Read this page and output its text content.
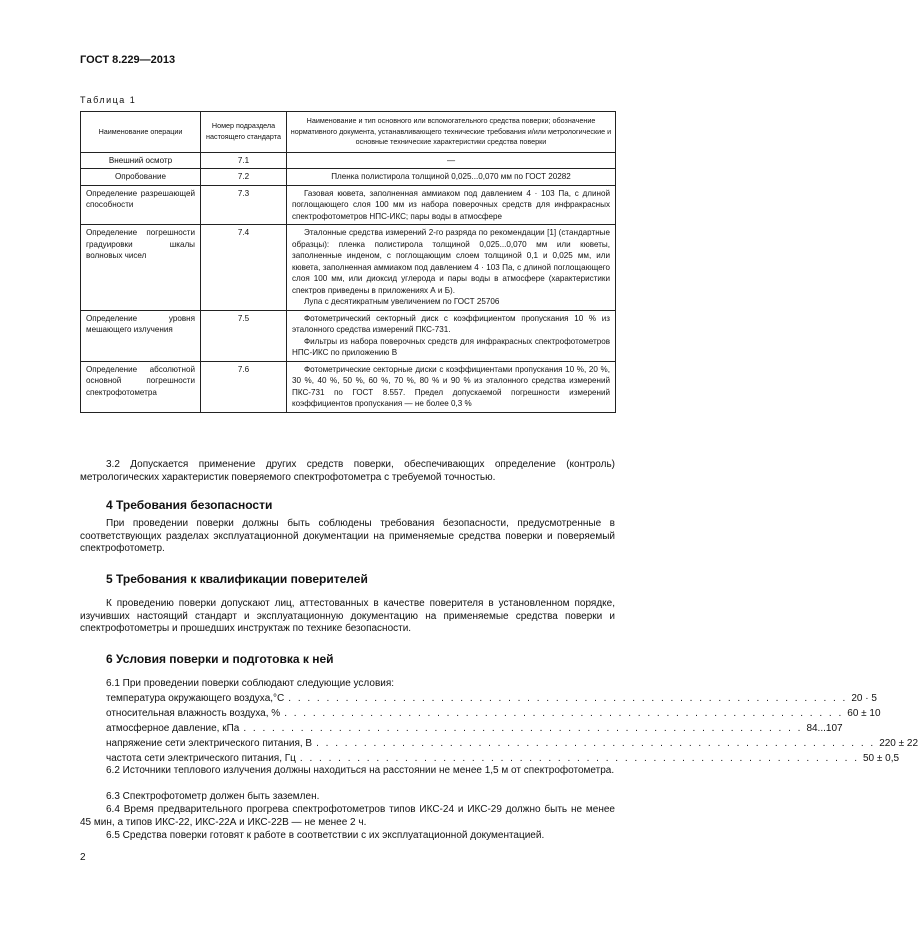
ГОСТ 8.229—2013
Таблица 1
Наименование операции	Номер подраздела настоящего стандарта	Наименование и тип основного или вспомогательного средства поверки; обозначение нормативного документа, устанавливающего технические требования и/или метрологические и основные технические характеристики средства поверки
Внешний осмотр	7.1	—
Опробование	7.2	Пленка полистирола толщиной 0,025...0,070 мм по ГОСТ 20282
Определение разрешающей способности	7.3	Газовая кювета, заполненная аммиаком под давлением 4 · 103 Па, с длиной поглощающего слоя 100 мм из набора поверочных средств для инфракрасных спектрофотометров НПС-ИКС; пары воды в атмосфере
Определение погрешности градуировки шкалы волновых чисел	7.4	Эталонные средства измерений 2-го разряда по рекомендации [1] (стандартные образцы): пленка полистирола толщиной 0,025...0,070 мм или кюветы, заполненные инденом, с поглощающим слоем толщиной 0,1 и 0,025 мм, или кювета, заполненная аммиаком под давлением 4 · 103 Па, с длиной поглощающего слоя 100 мм, или диоксид углерода и пары воды в атмосфере (характеристики спектров приведены в приложениях А и Б).
Лупа с десятикратным увеличением по ГОСТ 25706

Определение уровня мешающего излучения	7.5	Фотометрический секторный диск с коэффициентом пропускания 10 % из эталонного средства измерений ПКС-731.
Фильтры из набора поверочных средств для инфракрасных спектрофотометров НПС-ИКС по приложению В

Определение абсолютной основной погрешности спектрофотометра	7.6	Фотометрические секторные диски с коэффициентами пропускания 10 %, 20 %, 30 %, 40 %, 50 %, 60 %, 70 %, 80 % и 90 % из эталонного средства измерений ПКС-731 по ГОСТ 8.557. Предел допускаемой погрешности измерений коэффициентов пропускания — не более 0,3 %
3.2 Допускается применение других средств поверки, обеспечивающих определение (контроль) метрологических характеристик поверяемого спектрофотометра с требуемой точностью.
4 Требования безопасности
При проведении поверки должны быть соблюдены требования безопасности, предусмотренные в соответствующих разделах эксплуатационной документации на применяемые средства поверки и поверяемый спектрофотометр.
5 Требования к квалификации поверителей
К проведению поверки допускают лиц, аттестованных в качестве поверителя в установленном порядке, изучивших настоящий стандарт и эксплуатационную документацию на применяемые средства поверки и спектрофотометры и прошедших инструктаж по технике безопасности.
6 Условия поверки и подготовка к ней
6.1 При проведении поверки соблюдают следующие условия:
температура окружающего воздуха,°С . . . . . . . . . . . . . . . . . . . . . . . . . . . . . . . . . . . . . . . . . . . . . . . . . . . . . . . . . . . 20 · 5
относительная влажность воздуха, % . . . . . . . . . . . . . . . . . . . . . . . . . . . . . . . . . . . . . . . . . . . . . . . . . . . . . . . . . . . 60 ± 10
атмосферное давление, кПа . . . . . . . . . . . . . . . . . . . . . . . . . . . . . . . . . . . . . . . . . . . . . . . . . . . . . . . . . . . 84...107
напряжение сети электрического питания, В . . . . . . . . . . . . . . . . . . . . . . . . . . . . . . . . . . . . . . . . . . . . . . . . . . . . . . . . . . . 220 ± 22
частота сети электрического питания, Гц . . . . . . . . . . . . . . . . . . . . . . . . . . . . . . . . . . . . . . . . . . . . . . . . . . . . . . . . . . . 50 ± 0,5
6.2 Источники теплового излучения должны находиться на расстоянии не менее 1,5 м от спектрофотометра.
6.3 Спектрофотометр должен быть заземлен.
6.4 Время предварительного прогрева спектрофотометров типов ИКС-24 и ИКС-29 должно быть не менее 45 мин, а типов ИКС-22, ИКС-22А и ИКС-22В — не менее 2 ч.
6.5 Средства поверки готовят к работе в соответствии с их эксплуатационной документацией.
2
